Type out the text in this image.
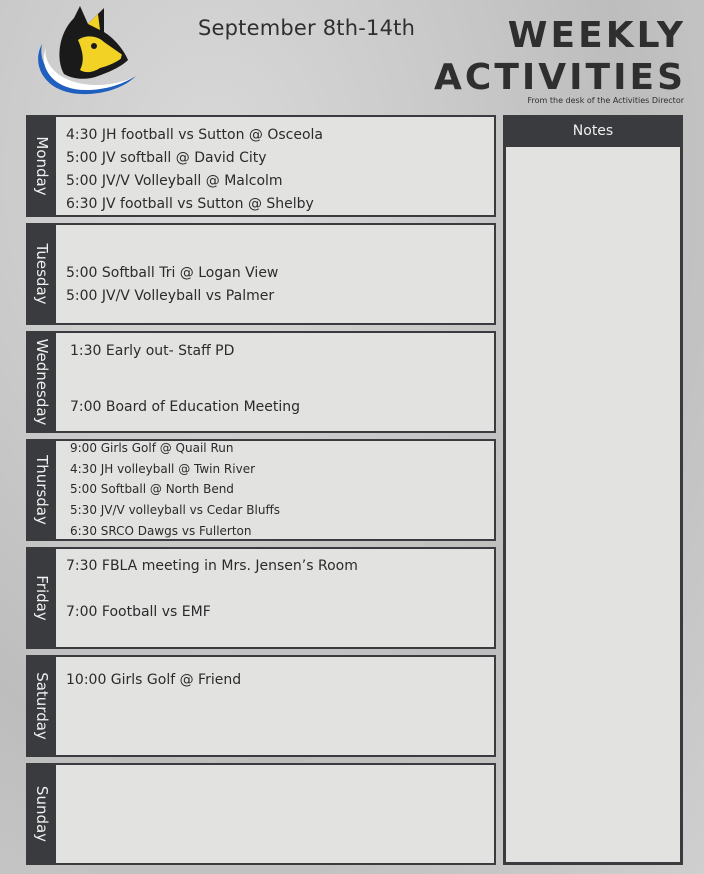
September 8th-14th	WEEKLY
ACTIVITIES
From the desk of the Activities Director
Monday
4:30 JH football vs Sutton @ Osceola
5:00 JV softball @ David City
5:00 JV/V Volleyball @ Malcolm
6:30 JV football vs Sutton @ Shelby
Tuesday 5:00 Softball Tri @ Logan View
5:00 JV/V Volleyball vs Palmer
Wednesday 1:30 Early out- Staff PD
7:00 Board of Education Meeting
Thursday
9:00 Girls Golf @ Quail Run
4:30 JH volleyball @ Twin River
5:00 Softball @ North Bend
5:30 JV/V volleyball vs Cedar Bluffs
6:30 SRCO Dawgs vs Fullerton
Friday
7:30 FBLA meeting in Mrs. Jensen’s Room
7:00 Football vs EMF
Saturday 10:00 Girls Golf @ Friend
Sunday
Notes
